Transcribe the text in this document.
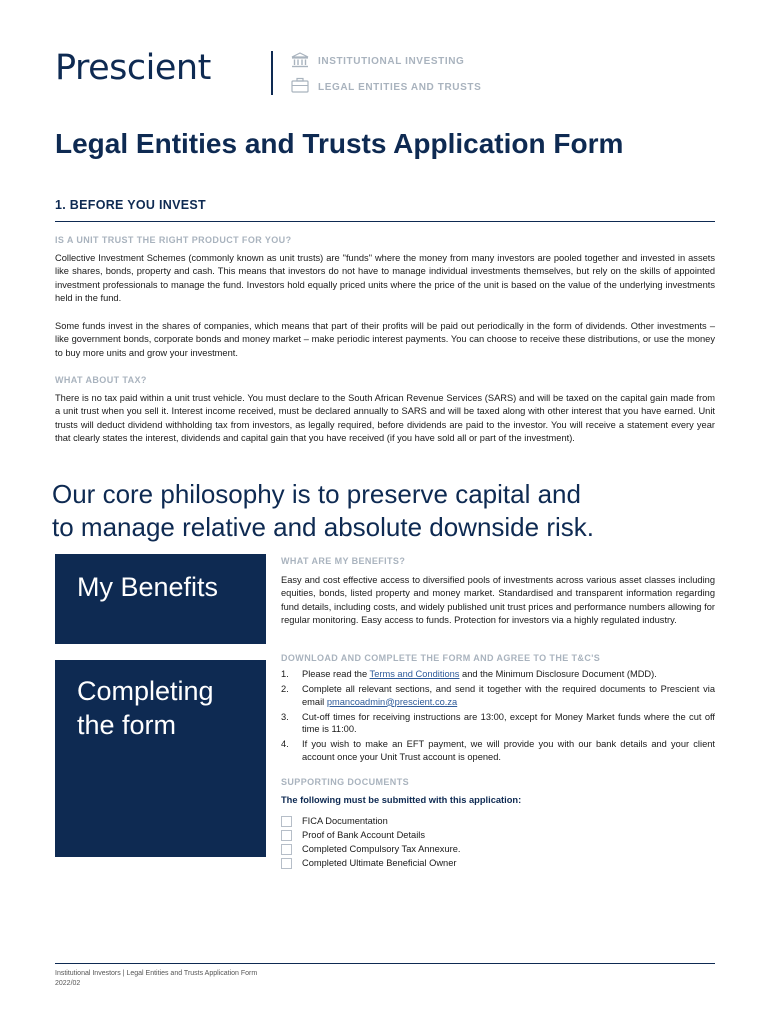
Prescient	INSTITUTIONAL INVESTING
LEGAL ENTITIES AND TRUSTS
Legal Entities and Trusts Application Form
1. BEFORE YOU INVEST
IS A UNIT TRUST THE RIGHT PRODUCT FOR YOU?
Collective Investment Schemes (commonly known as unit trusts) are "funds" where the money from many investors are pooled together and invested in assets like shares, bonds, property and cash. This means that investors do not have to manage individual investments themselves, but rely on the skills of appointed investment professionals to manage the fund. Investors hold equally priced units where the price of the unit is based on the value of the underlying investments held in the fund.
Some funds invest in the shares of companies, which means that part of their profits will be paid out periodically in the form of dividends. Other investments – like government bonds, corporate bonds and money market – make periodic interest payments. You can choose to receive these distributions, or use the money to buy more units and grow your investment.
WHAT ABOUT TAX?
There is no tax paid within a unit trust vehicle. You must declare to the South African Revenue Services (SARS) and will be taxed on the capital gain made from a unit trust when you sell it. Interest income received, must be declared annually to SARS and will be taxed along with other interest that you have earned. Unit trusts will deduct dividend withholding tax from investors, as legally required, before dividends are paid to the investor. You will receive a statement every year that clearly states the interest, dividends and capital gain that you have received (if you have sold all or part of the investment).
Our core philosophy is to preserve capital and
to manage relative and absolute downside risk.
My Benefits
Completing
the form
WHAT ARE MY BENEFITS?
Easy and cost effective access to diversified pools of investments across various asset classes including equities, bonds, listed property and money market. Standardised and transparent information regarding fund details, including costs, and widely published unit trust prices and performance numbers allowing for regular monitoring. Easy access to funds. Protection for investors via a highly regulated industry.
DOWNLOAD AND COMPLETE THE FORM AND AGREE TO THE T&C'S
1. Please read the Terms and Conditions and the Minimum Disclosure Document (MDD).
2. Complete all relevant sections, and send it together with the required documents to Prescient via email pmancoadmin@prescient.co.za
3. Cut-off times for receiving instructions are 13:00, except for Money Market funds where the cut off time is 11:00.
4. If you wish to make an EFT payment, we will provide you with our bank details and your client account once your Unit Trust account is opened.
SUPPORTING DOCUMENTS
The following must be submitted with this application:
FICA Documentation
Proof of Bank Account Details
Completed Compulsory Tax Annexure.
Completed Ultimate Beneficial Owner
Institutional Investors | Legal Entities and Trusts Application Form
2022/02
